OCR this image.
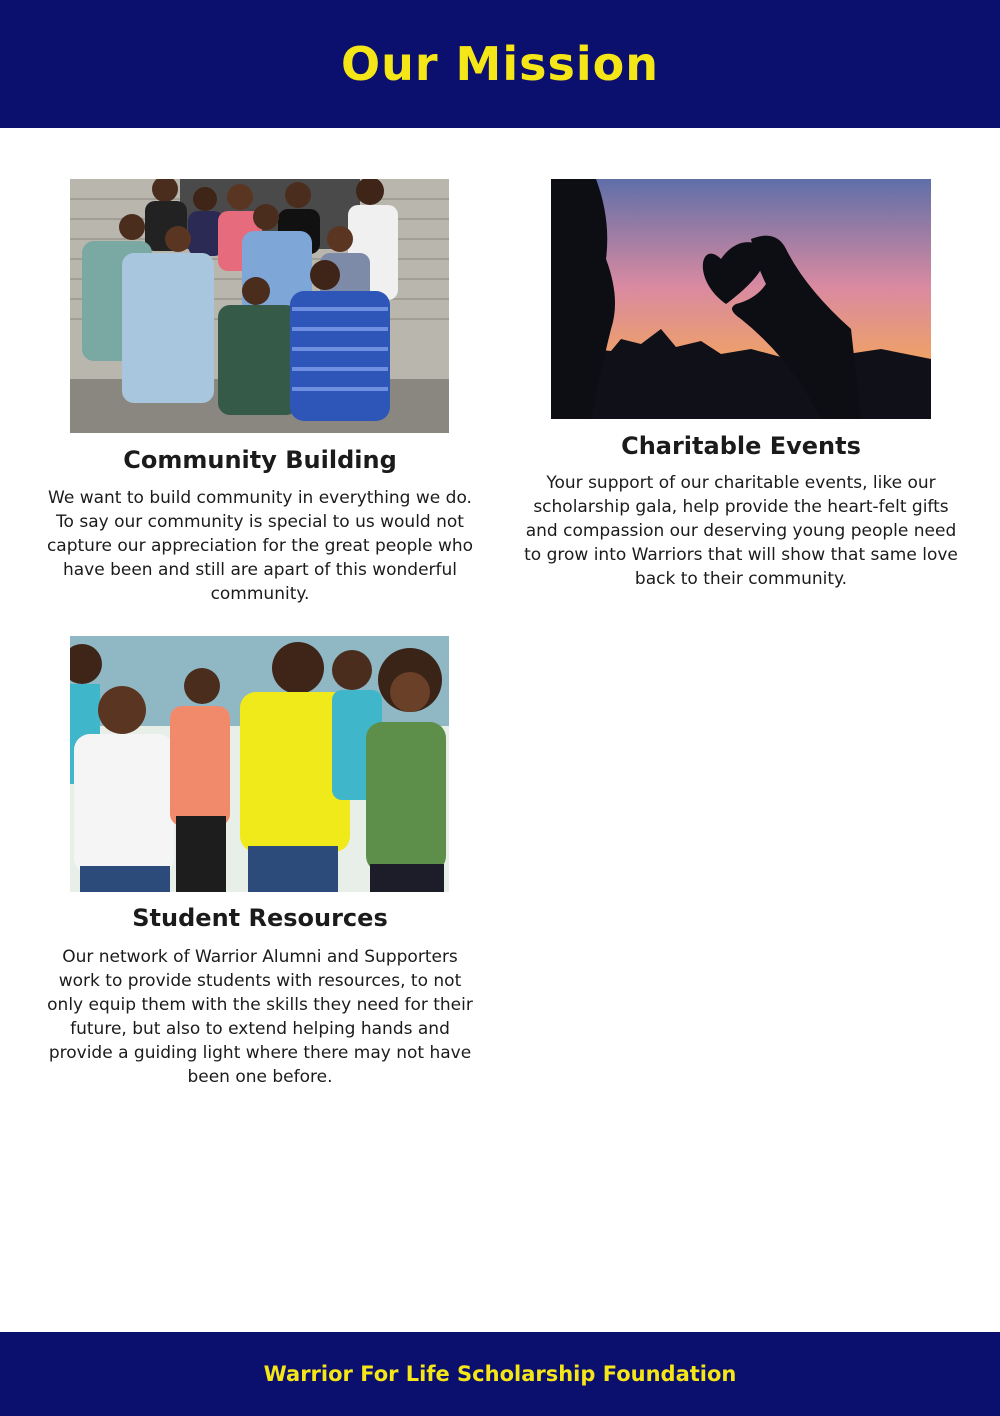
Our Mission
Community Building

We want to build community in everything we do. To say our community is special to us would not capture our appreciation for the great people who have been and still are apart of this wonderful community.

Charitable Events

Your support of our charitable events, like our scholarship gala, help provide the heart-felt gifts and compassion our deserving young people need to grow into Warriors that will show that same love back to their community.

Student Resources

Our network of Warrior Alumni and Supporters work to provide students with resources, to not only equip them with the skills they need for their future, but also to extend helping hands and provide a guiding light where there may not have been one before.

Warrior For Life Scholarship Foundation
